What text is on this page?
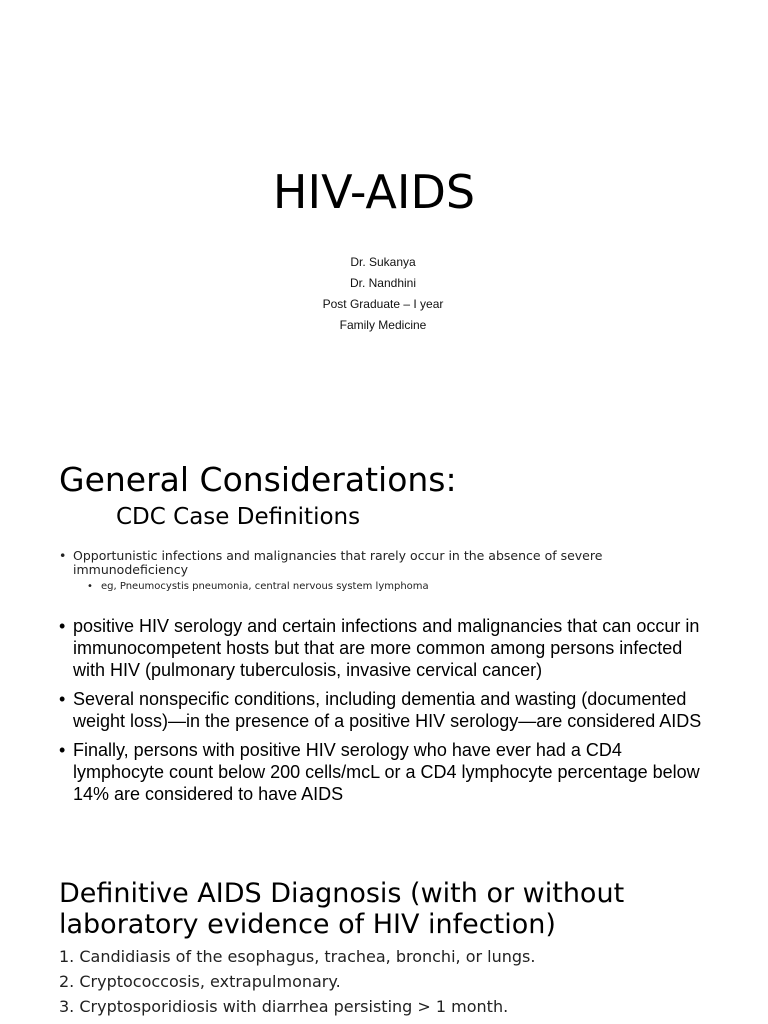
HIV-AIDS
Dr. Sukanya
Dr. Nandhini
Post Graduate – I year
Family Medicine
General Considerations:
CDC Case Definitions
• Opportunistic infections and malignancies that rarely occur in the absence of severe immunodeficiency
• eg, Pneumocystis pneumonia, central nervous system lymphoma
• positive HIV serology and certain infections and malignancies that can occur in immunocompetent hosts but that are more common among persons infected with HIV (pulmonary tuberculosis, invasive cervical cancer)
• Several nonspecific conditions, including dementia and wasting (documented weight loss)—in the presence of a positive HIV serology—are considered AIDS
• Finally, persons with positive HIV serology who have ever had a CD4 lymphocyte count below 200 cells/mcL or a CD4 lymphocyte percentage below 14% are considered to have AIDS
Definitive AIDS Diagnosis (with or without laboratory evidence of HIV infection)
1. Candidiasis of the esophagus, trachea, bronchi, or lungs.
2. Cryptococcosis, extrapulmonary.
3. Cryptosporidiosis with diarrhea persisting > 1 month.
